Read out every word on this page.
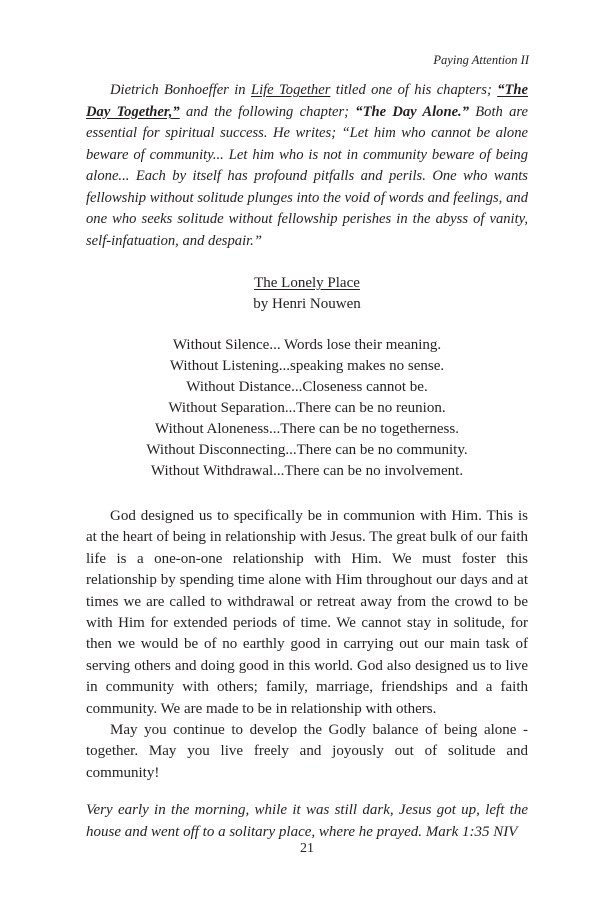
Paying Attention II

Dietrich Bonhoeffer in Life Together titled one of his chapters; “The Day Together,” and the following chapter; “The Day Alone.” Both are essential for spiritual success. He writes; “Let him who cannot be alone beware of community... Let him who is not in community beware of being alone... Each by itself has profound pitfalls and perils. One who wants fellowship without solitude plunges into the void of words and feelings, and one who seeks solitude without fellowship perishes in the abyss of vanity, self-infatuation, and despair.”

The Lonely Place
by Henri Nouwen
Without Silence... Words lose their meaning.
Without Listening...speaking makes no sense.
Without Distance...Closeness cannot be.
Without Separation...There can be no reunion.
Without Aloneness...There can be no togetherness.
Without Disconnecting...There can be no community.
Without Withdrawal...There can be no involvement.

God designed us to specifically be in communion with Him. This is at the heart of being in relationship with Jesus. The great bulk of our faith life is a one-on-one relationship with Him. We must foster this relationship by spending time alone with Him throughout our days and at times we are called to withdrawal or retreat away from the crowd to be with Him for extended periods of time. We cannot stay in solitude, for then we would be of no earthly good in carrying out our main task of serving others and doing good in this world. God also designed us to live in community with others; family, marriage, friendships and a faith community. We are made to be in relationship with others.

May you continue to develop the Godly balance of being alone - together. May you live freely and joyously out of solitude and community!

Very early in the morning, while it was still dark, Jesus got up, left the house and went off to a solitary place, where he prayed. Mark 1:35 NIV

21
